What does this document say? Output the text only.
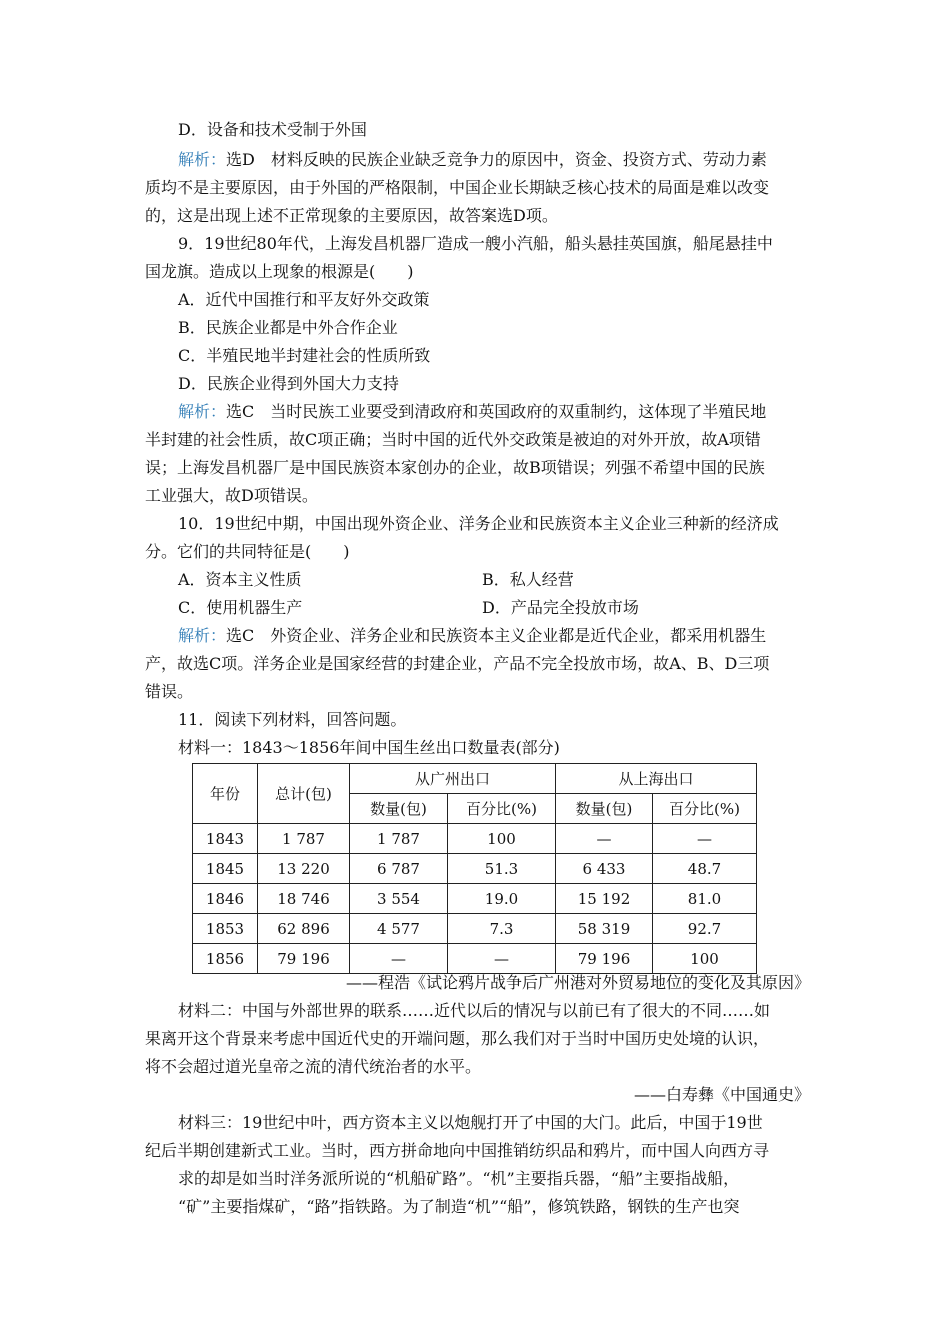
D．设备和技术受制于外国
解析：选D　材料反映的民族企业缺乏竞争力的原因中，资金、投资方式、劳动力素
质均不是主要原因，由于外国的严格限制，中国企业长期缺乏核心技术的局面是难以改变
的，这是出现上述不正常现象的主要原因，故答案选D项。
9．19世纪80年代，上海发昌机器厂造成一艘小汽船，船头悬挂英国旗，船尾悬挂中
国龙旗。造成以上现象的根源是(　　)
A．近代中国推行和平友好外交政策
B．民族企业都是中外合作企业
C．半殖民地半封建社会的性质所致
D．民族企业得到外国大力支持
解析：选C　当时民族工业要受到清政府和英国政府的双重制约，这体现了半殖民地
半封建的社会性质，故C项正确；当时中国的近代外交政策是被迫的对外开放，故A项错
误；上海发昌机器厂是中国民族资本家创办的企业，故B项错误；列强不希望中国的民族
工业强大，故D项错误。
10．19世纪中期，中国出现外资企业、洋务企业和民族资本主义企业三种新的经济成
分。它们的共同特征是(　　)
A．资本主义性质	B．私人经营
C．使用机器生产	D．产品完全投放市场
解析：选C　外资企业、洋务企业和民族资本主义企业都是近代企业，都采用机器生
产，故选C项。洋务企业是国家经营的封建企业，产品不完全投放市场，故A、B、D三项
错误。
11．阅读下列材料，回答问题。
材料一：1843～1856年间中国生丝出口数量表(部分)
年份	总计(包)	从广州出口		从上海出口	
		数量(包)	百分比(%)	数量(包)	百分比(%)
1843	1 787	1 787	100	—	—
1845	13 220	6 787	51.3	6 433	48.7
1846	18 746	3 554	19.0	15 192	81.0
1853	62 896	4 577	7.3	58 319	92.7
1856	79 196	—	—	79 196	100
——程浩《试论鸦片战争后广州港对外贸易地位的变化及其原因》
材料二：中国与外部世界的联系……近代以后的情况与以前已有了很大的不同……如
果离开这个背景来考虑中国近代史的开端问题，那么我们对于当时中国历史处境的认识，
将不会超过道光皇帝之流的清代统治者的水平。
——白寿彝《中国通史》
材料三：19世纪中叶，西方资本主义以炮舰打开了中国的大门。此后，中国于19世
纪后半期创建新式工业。当时，西方拼命地向中国推销纺织品和鸦片，而中国人向西方寻
求的却是如当时洋务派所说的“机船矿路”。“机”主要指兵器，“船”主要指战船，
“矿”主要指煤矿，“路”指铁路。为了制造“机”“船”，修筑铁路，钢铁的生产也突
